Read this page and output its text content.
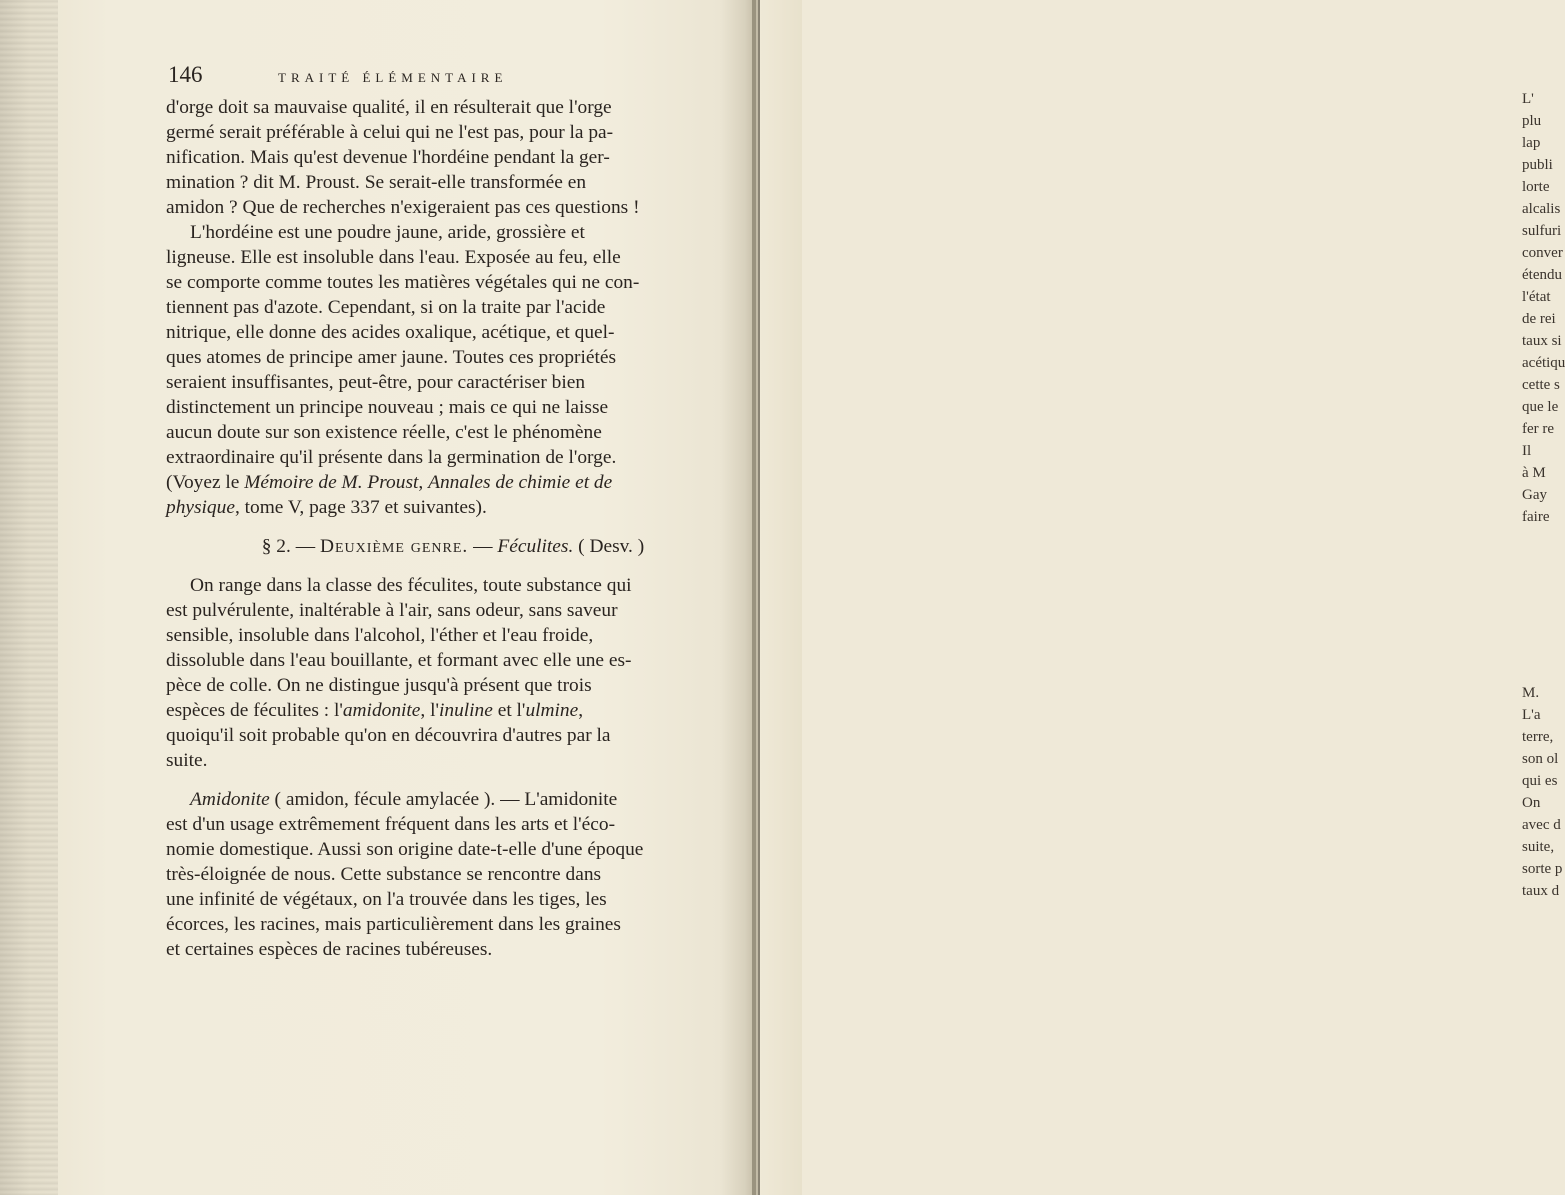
L'
plu
lap
publi
lorte
alcalis
sulfuri
conver
étendu
l'état
de rei
taux si
acétiqu
cette s
que le
fer re
Il
à M
Gay
faire
M.
L'a
terre,
son ol
qui es
On
avec d
suite,
sorte p
taux d
146	TRAITÉ ÉLÉMENTAIRE
d'orge doit sa mauvaise qualité, il en résulterait que l'orge
germé serait préférable à celui qui ne l'est pas, pour la pa-
nification. Mais qu'est devenue l'hordéine pendant la ger-
mination ? dit M. Proust. Se serait-elle transformée en
amidon ? Que de recherches n'exigeraient pas ces questions !
L'hordéine est une poudre jaune, aride, grossière et
ligneuse. Elle est insoluble dans l'eau. Exposée au feu, elle
se comporte comme toutes les matières végétales qui ne con-
tiennent pas d'azote. Cependant, si on la traite par l'acide
nitrique, elle donne des acides oxalique, acétique, et quel-
ques atomes de principe amer jaune. Toutes ces propriétés
seraient insuffisantes, peut-être, pour caractériser bien
distinctement un principe nouveau ; mais ce qui ne laisse
aucun doute sur son existence réelle, c'est le phénomène
extraordinaire qu'il présente dans la germination de l'orge.
(Voyez le Mémoire de M. Proust, Annales de chimie et de
physique, tome V, page 337 et suivantes).
§ 2. — Deuxième genre. — Féculites. ( Desv. )
On range dans la classe des féculites, toute substance qui
est pulvérulente, inaltérable à l'air, sans odeur, sans saveur
sensible, insoluble dans l'alcohol, l'éther et l'eau froide,
dissoluble dans l'eau bouillante, et formant avec elle une es-
pèce de colle. On ne distingue jusqu'à présent que trois
espèces de féculites : l'amidonite, l'inuline et l'ulmine,
quoiqu'il soit probable qu'on en découvrira d'autres par la
suite.
Amidonite ( amidon, fécule amylacée ). — L'amidonite
est d'un usage extrêmement fréquent dans les arts et l'éco-
nomie domestique. Aussi son origine date-t-elle d'une époque
très-éloignée de nous. Cette substance se rencontre dans
une infinité de végétaux, on l'a trouvée dans les tiges, les
écorces, les racines, mais particulièrement dans les graines
et certaines espèces de racines tubéreuses.
